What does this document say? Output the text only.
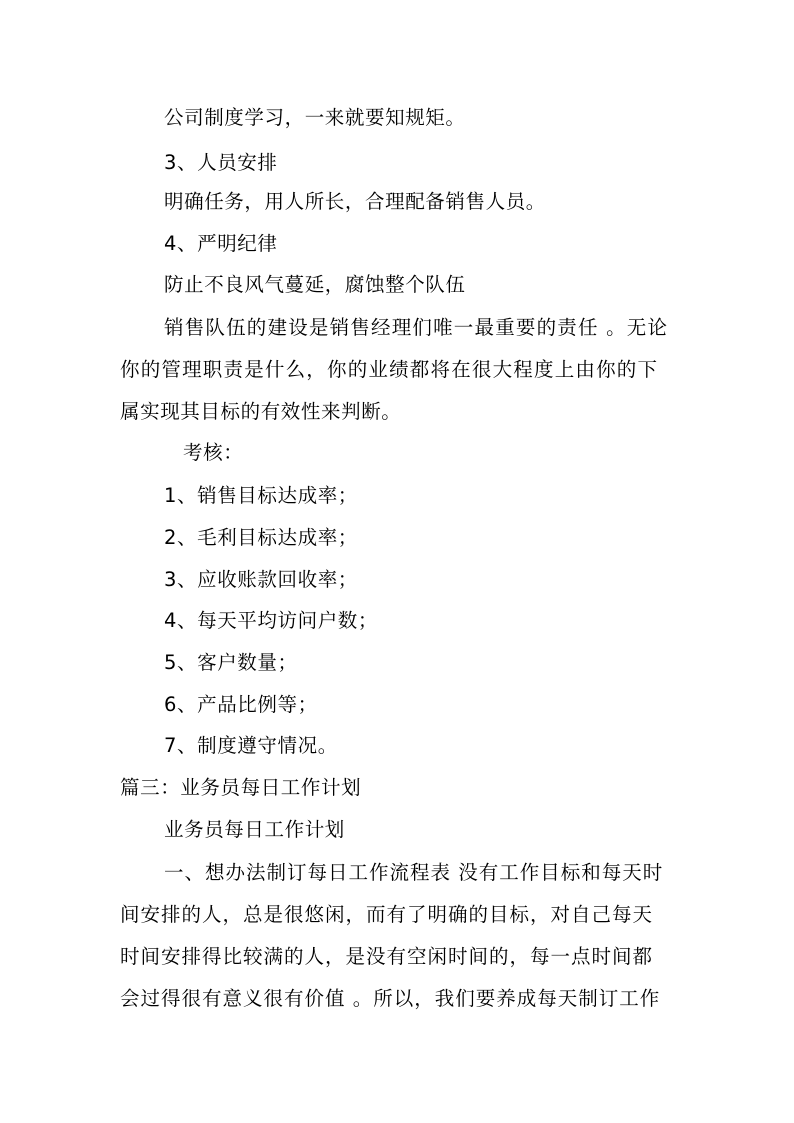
公司制度学习，一来就要知规矩。
3、人员安排
明确任务，用人所长，合理配备销售人员。
4、严明纪律
防止不良风气蔓延，腐蚀整个队伍
销售队伍的建设是销售经理们唯一最重要的责任 。无论
你的管理职责是什么，你的业绩都将在很大程度上由你的下
属实现其目标的有效性来判断。
考核：
1、销售目标达成率；
2、毛利目标达成率；
3、应收账款回收率；
4、每天平均访问户数；
5、客户数量；
6、产品比例等；
7、制度遵守情况。
篇三：业务员每日工作计划
业务员每日工作计划
一、想办法制订每日工作流程表 没有工作目标和每天时
间安排的人，总是很悠闲，而有了明确的目标，对自己每天
时间安排得比较满的人，是没有空闲时间的，每一点时间都
会过得很有意义很有价值 。所以，我们要养成每天制订工作
